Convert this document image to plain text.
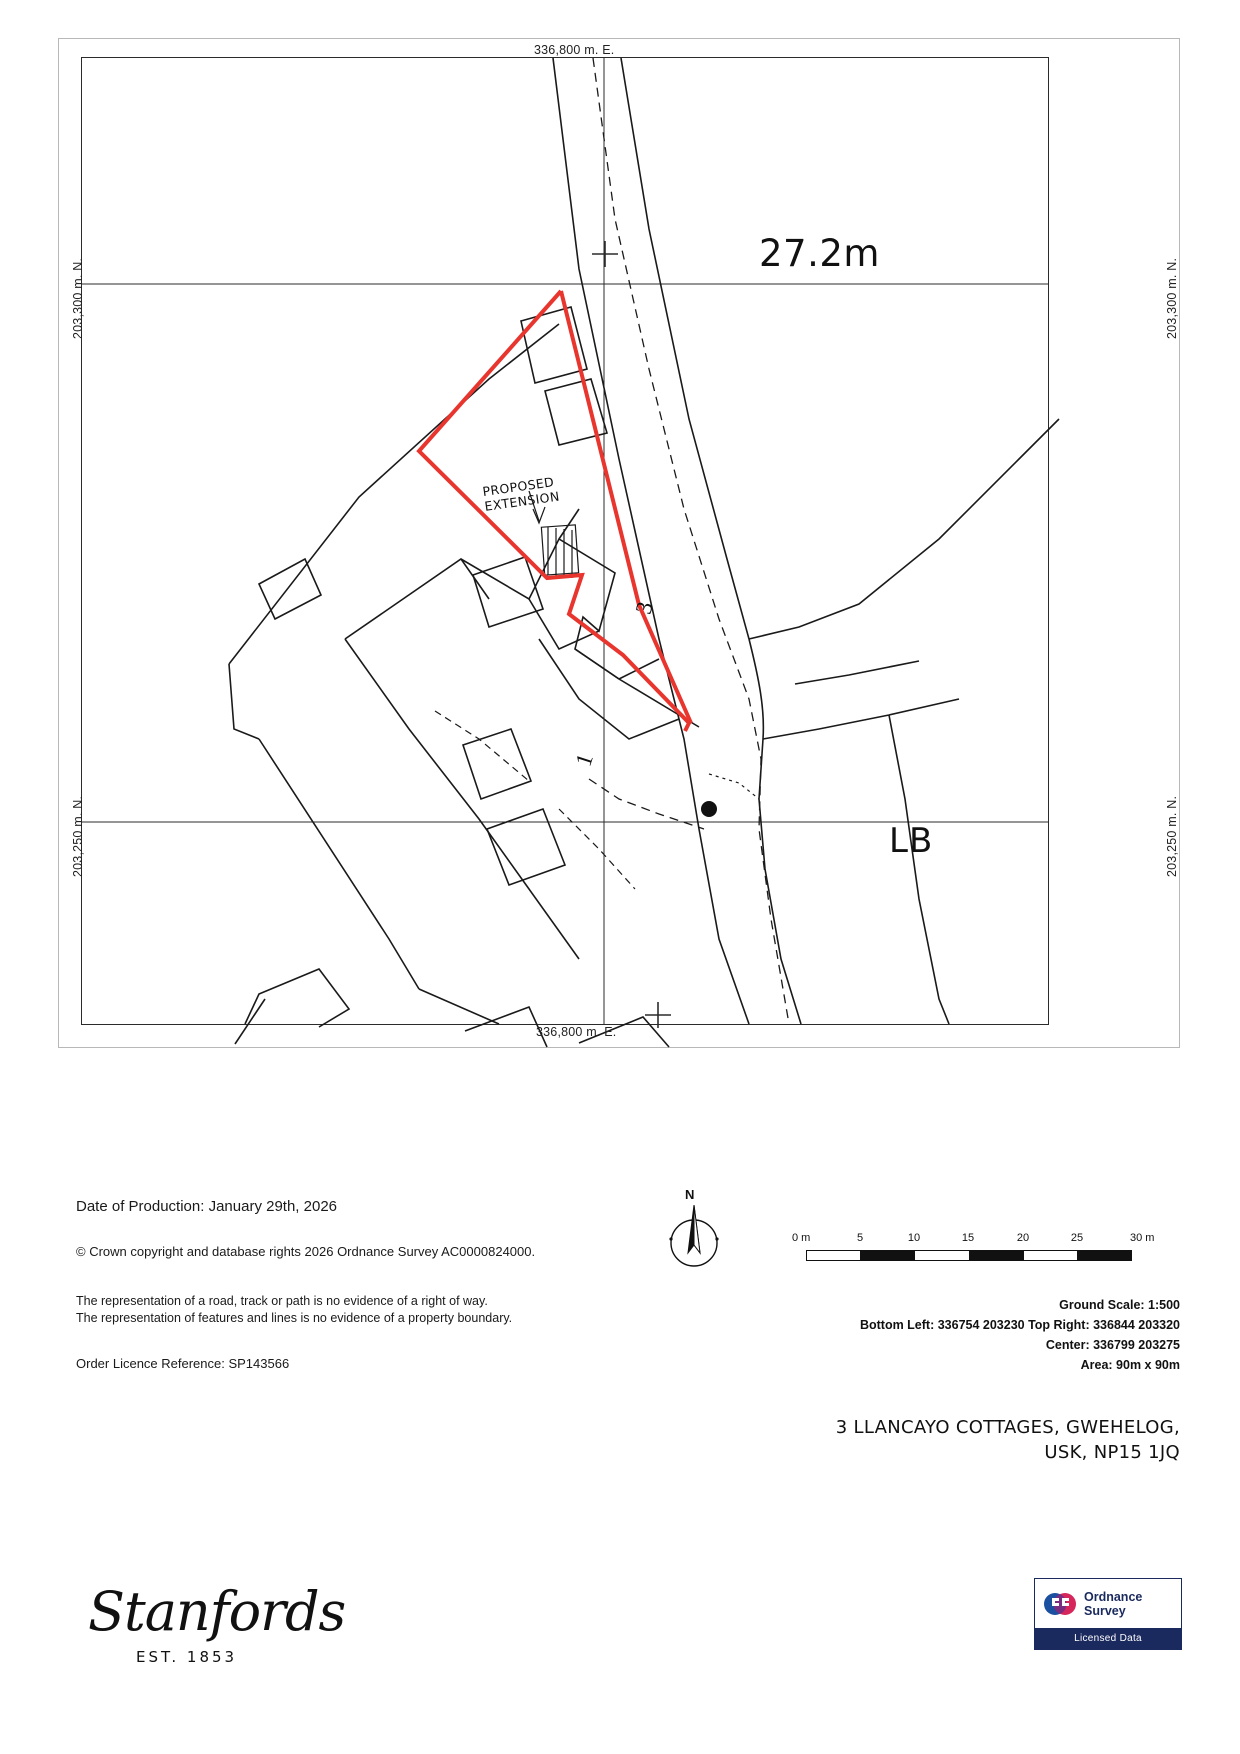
27.2m
LB
3
1
PROPOSED EXTENSION
336,800 m. E.
336,800 m. E.
203,300 m. N.
203,250 m. N.
203,300 m. N.
203,250 m. N.
Date of Production: January 29th, 2026
© Crown copyright and database rights 2026 Ordnance Survey AC0000824000.
The representation of a road, track or path is no evidence of a right of way.
The representation of features and lines is no evidence of a property boundary.
Order Licence Reference: SP143566
N
0 m	5	10	15	20	25	30 m
Ground Scale: 1:500
Bottom Left: 336754 203230 Top Right: 336844 203320
Center: 336799 203275
Area: 90m x 90m
3 LLANCAYO COTTAGES, GWEHELOG,
USK, NP15 1JQ
Stanfords
EST. 1853
Ordnance
Survey
Licensed Data
